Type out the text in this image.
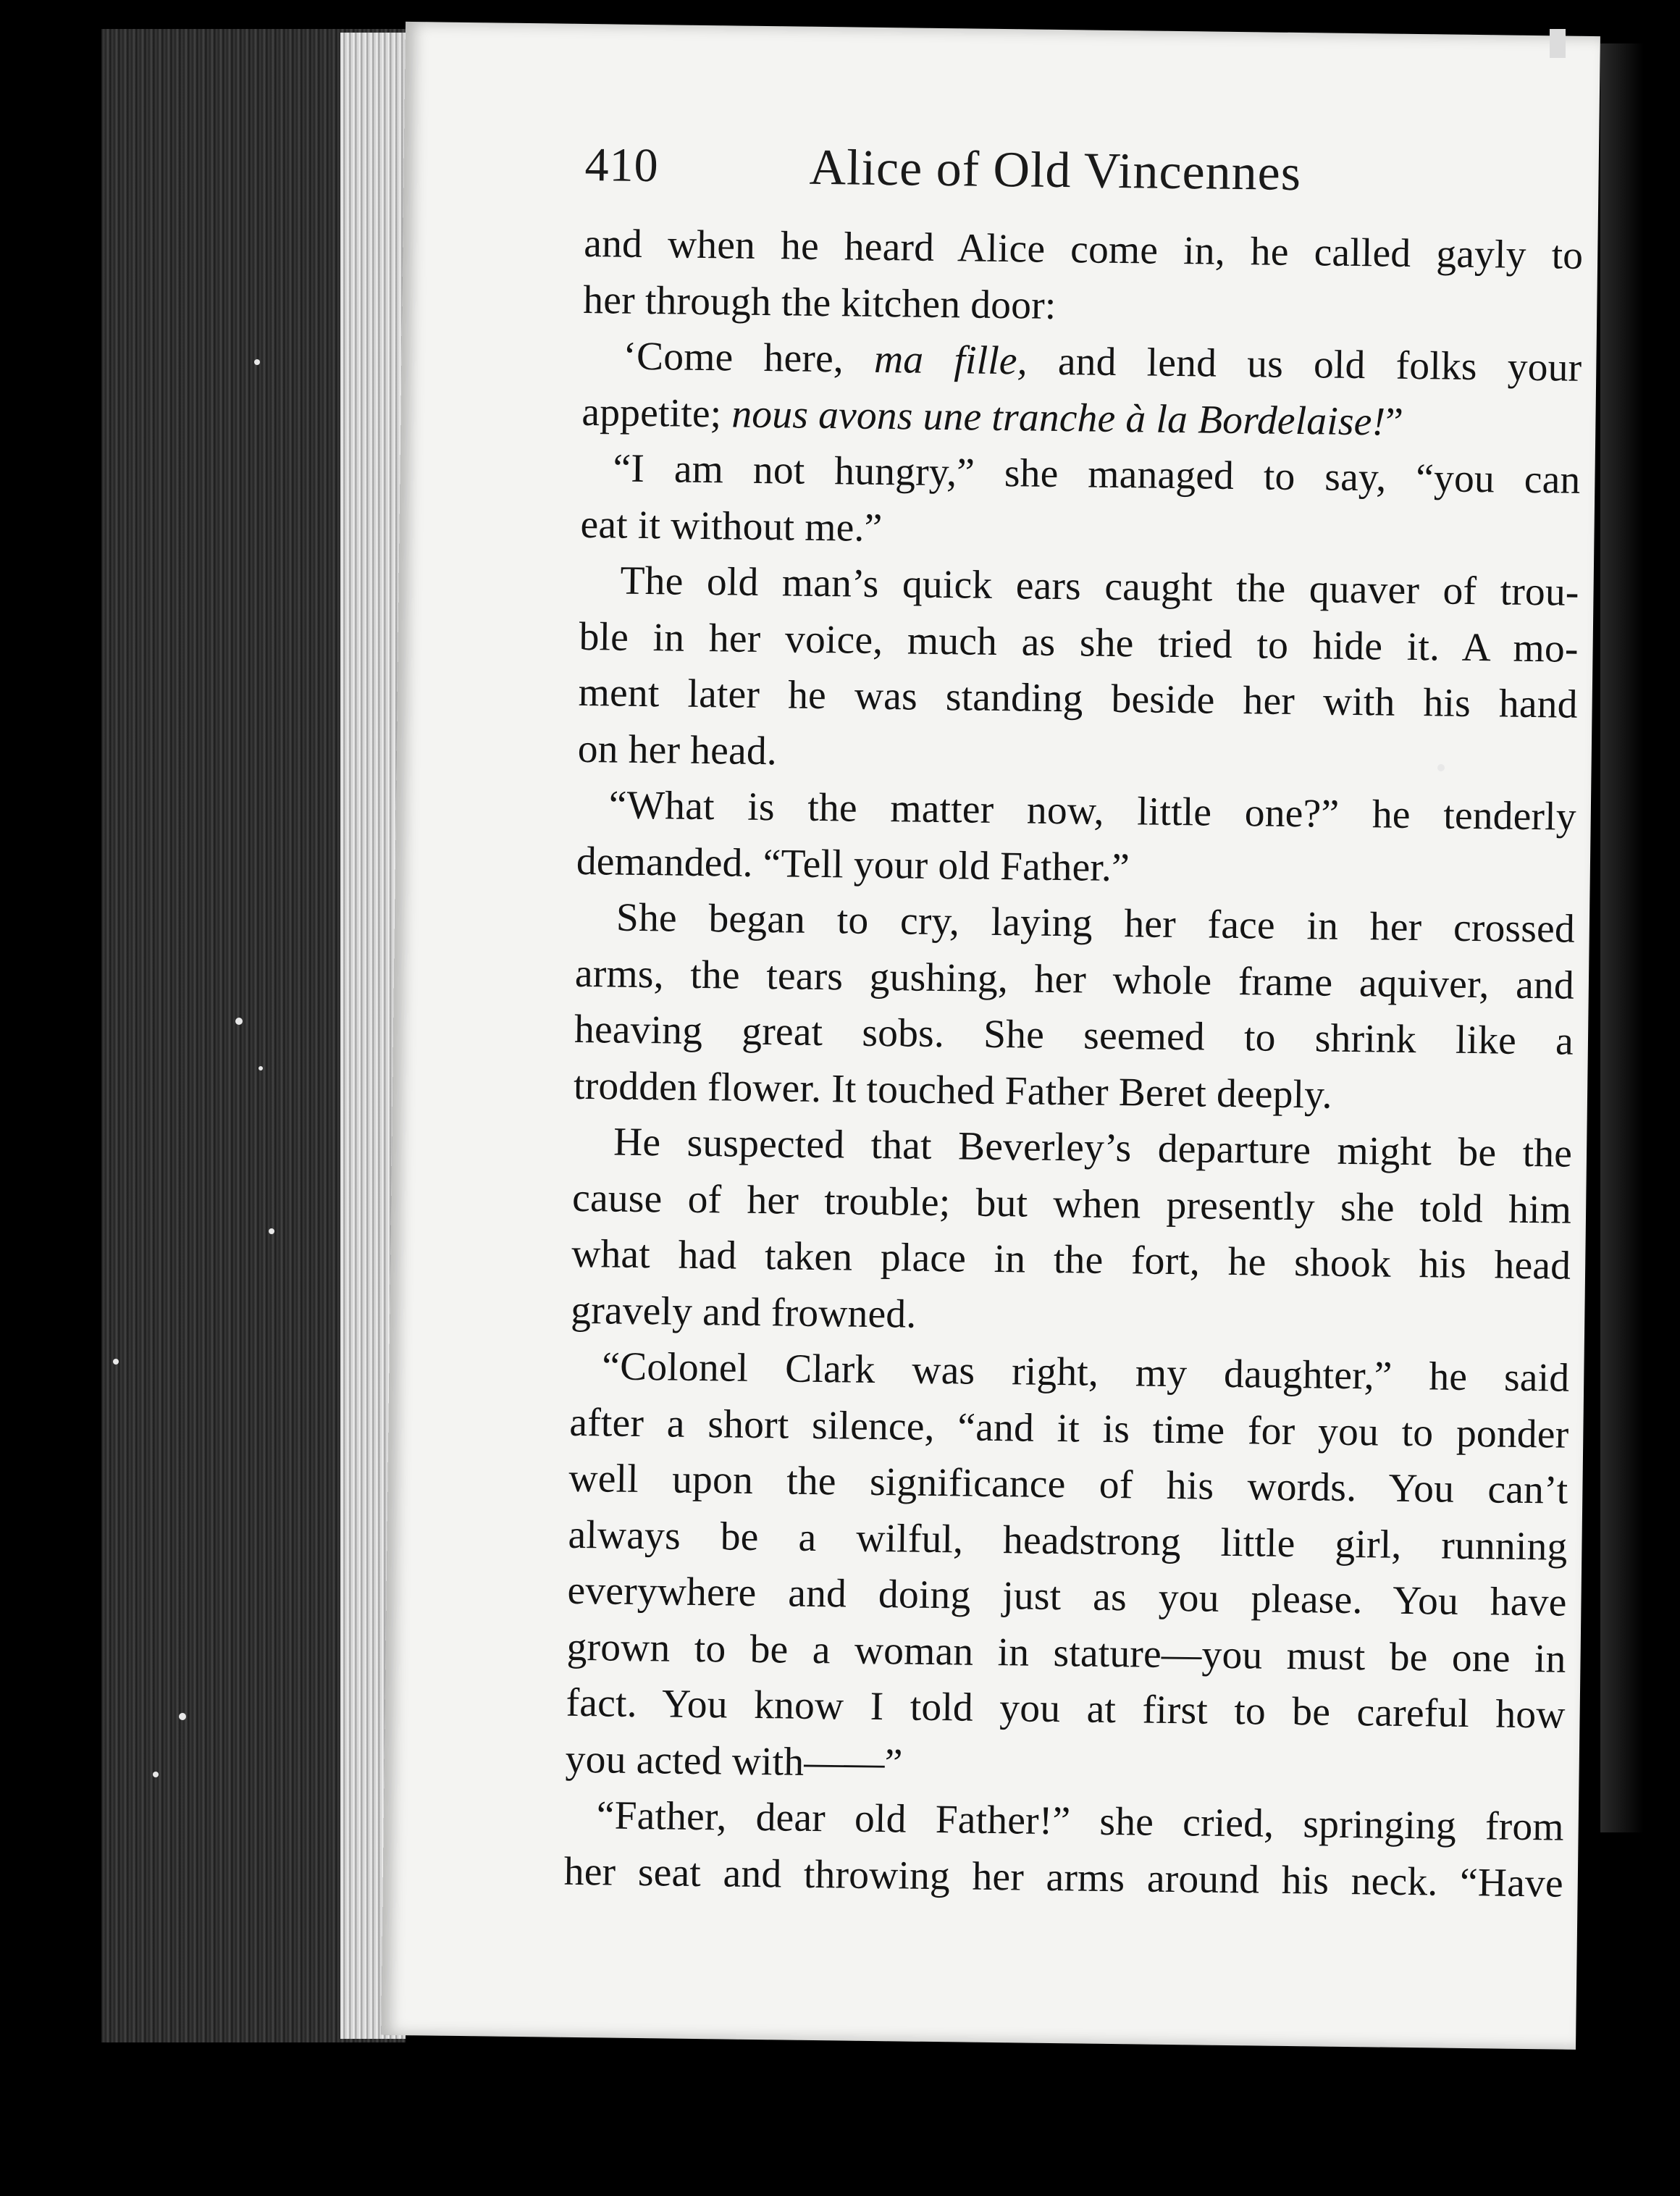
410	Alice of Old Vincennes
and when he heard Alice come in, he called gayly to
her through the kitchen door:
‘Come here, ma fille, and lend us old folks your
appetite; nous avons une tranche à la Bordelaise!”
“I am not hungry,” she managed to say, “you can
eat it without me.”
The old man’s quick ears caught the quaver of trou-
ble in her voice, much as she tried to hide it. A mo-
ment later he was standing beside her with his hand
on her head.
“What is the matter now, little one?” he tenderly
demanded. “Tell your old Father.”
She began to cry, laying her face in her crossed
arms, the tears gushing, her whole frame aquiver, and
heaving great sobs. She seemed to shrink like a
trodden flower. It touched Father Beret deeply.
He suspected that Beverley’s departure might be the
cause of her trouble; but when presently she told him
what had taken place in the fort, he shook his head
gravely and frowned.
“Colonel Clark was right, my daughter,” he said
after a short silence, “and it is time for you to ponder
well upon the significance of his words. You can’t
always be a wilful, headstrong little girl, running
everywhere and doing just as you please. You have
grown to be a woman in stature—you must be one in
fact. You know I told you at first to be careful how
you acted with——”
“Father, dear old Father!” she cried, springing from
her seat and throwing her arms around his neck. “Have
